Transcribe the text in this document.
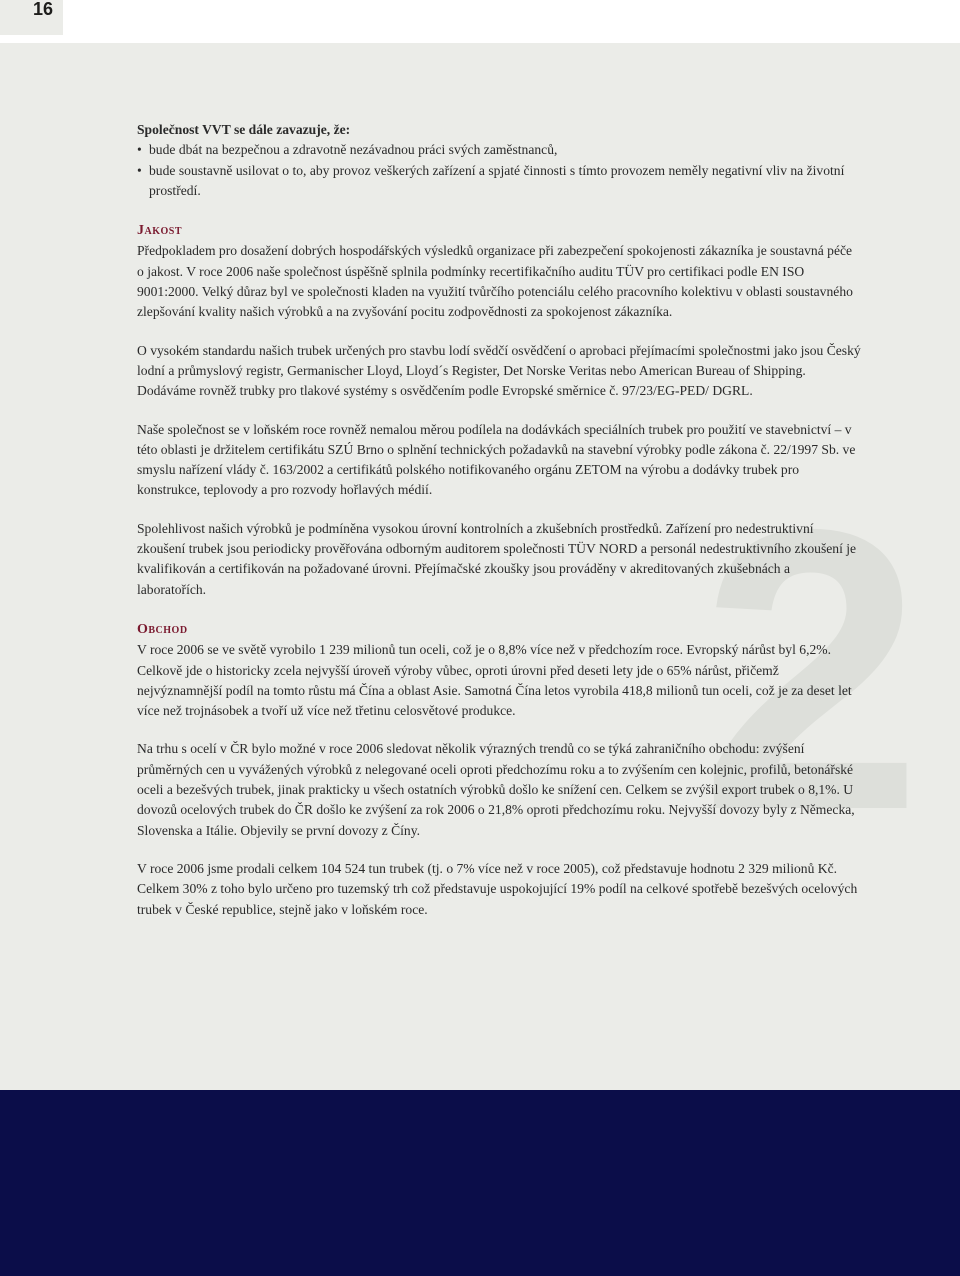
16
2

Společnost VVT se dále zavazuje, že:

• bude dbát na bezpečnou a zdravotně nezávadnou práci svých zaměstnanců,
• bude soustavně usilovat o to, aby provoz veškerých zařízení a spjaté činnosti s tímto provozem neměly negativní vliv na životní prostředí.

Jakost

Předpokladem pro dosažení dobrých hospodářských výsledků organizace při zabezpečení spokojenosti zákazníka je soustavná péče o jakost. V roce 2006 naše společnost úspěšně splnila podmínky recertifikačního auditu TÜV pro certifikaci podle EN ISO 9001:2000. Velký důraz byl ve společnosti kladen na využití tvůrčího potenciálu celého pracovního kolektivu v oblasti soustavného zlepšování kvality našich výrobků a na zvyšování pocitu zodpovědnosti za spokojenost zákazníka.

O vysokém standardu našich trubek určených pro stavbu lodí svědčí osvědčení o aprobaci přejímacími společnostmi jako jsou Český lodní a průmyslový registr, Germanischer Lloyd, Lloyd´s Register, Det Norske Veritas nebo American Bureau of Shipping. Dodáváme rovněž trubky pro tlakové systémy s osvědčením podle Evropské směrnice č. 97/23/EG-PED/ DGRL.

Naše společnost se v loňském roce rovněž nemalou měrou podílela na dodávkách speciálních trubek pro použití ve stavebnictví – v této oblasti je držitelem certifikátu SZÚ Brno o splnění technických požadavků na stavební výrobky podle zákona č. 22/1997 Sb. ve smyslu nařízení vlády č. 163/2002 a certifikátů polského notifikovaného orgánu ZETOM na výrobu a dodávky trubek pro konstrukce, teplovody a pro rozvody hořlavých médií.

Spolehlivost našich výrobků je podmíněna vysokou úrovní kontrolních a zkušebních prostředků. Zařízení pro nedestruktivní zkoušení trubek jsou periodicky prověřována odborným auditorem společnosti TÜV NORD a personál nedestruktivního zkoušení je kvalifikován a certifikován na požadované úrovni. Přejímačské zkoušky jsou prováděny v akreditovaných zkušebnách a laboratořích.

Obchod

V roce 2006 se ve světě vyrobilo 1 239 milionů tun oceli, což je o 8,8% více než v předchozím roce. Evropský nárůst byl 6,2%. Celkově jde o historicky zcela nejvyšší úroveň výroby vůbec, oproti úrovni před deseti lety jde o 65% nárůst, přičemž nejvýznamnější podíl na tomto růstu má Čína a oblast Asie. Samotná Čína letos vyrobila 418,8 milionů tun oceli, což je za deset let více než trojnásobek a tvoří už více než třetinu celosvětové produkce.

Na trhu s ocelí v ČR bylo možné v roce 2006 sledovat několik výrazných trendů co se týká zahraničního obchodu: zvýšení průměrných cen u vyvážených výrobků z nelegované oceli oproti předchozímu roku a to zvýšením cen kolejnic, profilů, betonářské oceli a bezešvých trubek, jinak prakticky u všech ostatních výrobků došlo ke snížení cen. Celkem se zvýšil export trubek o 8,1%. U dovozů ocelových trubek do ČR došlo ke zvýšení za rok 2006 o 21,8% oproti předchozímu roku. Nejvyšší dovozy byly z Německa, Slovenska a Itálie. Objevily se první dovozy z Číny.

V roce 2006 jsme prodali celkem 104 524 tun trubek (tj. o 7% více než v roce 2005), což představuje hodnotu 2 329 milionů Kč. Celkem 30% z toho bylo určeno pro tuzemský trh což představuje uspokojující 19% podíl na celkové spotřebě bezešvých ocelových trubek v České republice, stejně jako v loňském roce.
